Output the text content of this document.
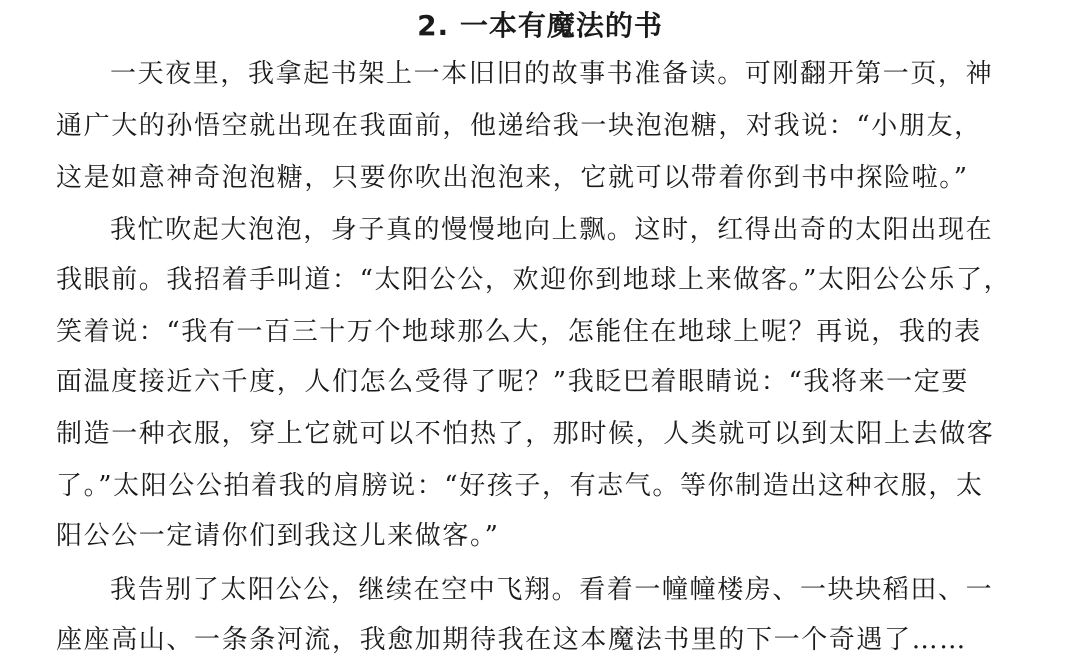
2. 一本有魔法的书
一天夜里，我拿起书架上一本旧旧的故事书准备读。可刚翻开第一页，神
通广大的孙悟空就出现在我面前，他递给我一块泡泡糖，对我说：“小朋友，
这是如意神奇泡泡糖，只要你吹出泡泡来，它就可以带着你到书中探险啦。”
我忙吹起大泡泡，身子真的慢慢地向上飘。这时，红得出奇的太阳出现在
我眼前。我招着手叫道：“太阳公公，欢迎你到地球上来做客。”太阳公公乐了，
笑着说：“我有一百三十万个地球那么大，怎能住在地球上呢？再说，我的表
面温度接近六千度，人们怎么受得了呢？”我眨巴着眼睛说：“我将来一定要
制造一种衣服，穿上它就可以不怕热了，那时候，人类就可以到太阳上去做客
了。”太阳公公拍着我的肩膀说：“好孩子，有志气。等你制造出这种衣服，太
阳公公一定请你们到我这儿来做客。”
我告别了太阳公公，继续在空中飞翔。看着一幢幢楼房、一块块稻田、一
座座高山、一条条河流，我愈加期待我在这本魔法书里的下一个奇遇了……
